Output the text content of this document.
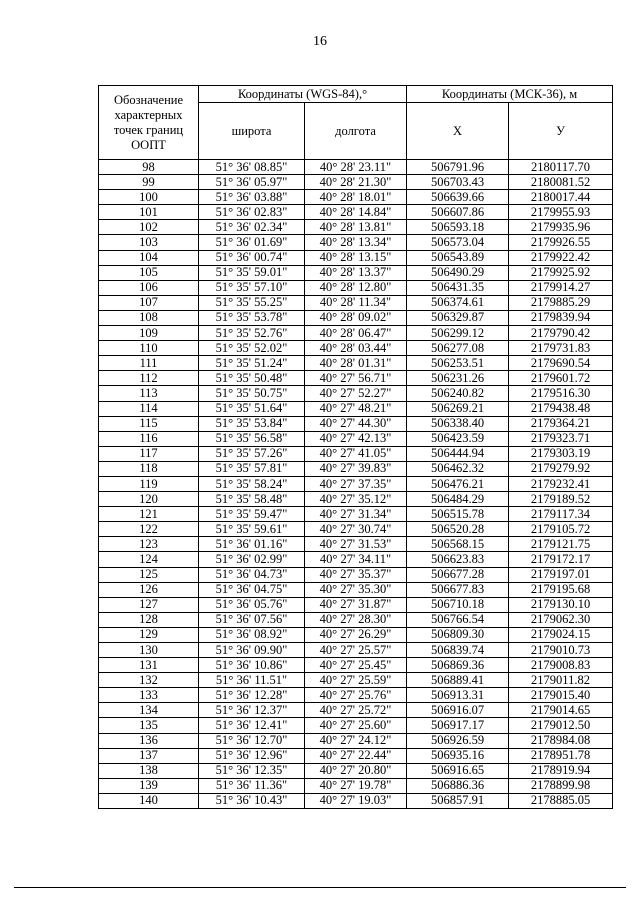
16
Обозначение характерных точек границ ООПТ	Координаты (WGS-84),°		Координаты (МСК-36), м	
	широта	долгота	X	У
98	51° 36' 08.85"	40° 28' 23.11"	506791.96	2180117.70
99	51° 36' 05.97"	40° 28' 21.30"	506703.43	2180081.52
100	51° 36' 03.88"	40° 28' 18.01"	506639.66	2180017.44
101	51° 36' 02.83"	40° 28' 14.84"	506607.86	2179955.93
102	51° 36' 02.34"	40° 28' 13.81"	506593.18	2179935.96
103	51° 36' 01.69"	40° 28' 13.34"	506573.04	2179926.55
104	51° 36' 00.74"	40° 28' 13.15"	506543.89	2179922.42
105	51° 35' 59.01"	40° 28' 13.37"	506490.29	2179925.92
106	51° 35' 57.10"	40° 28' 12.80"	506431.35	2179914.27
107	51° 35' 55.25"	40° 28' 11.34"	506374.61	2179885.29
108	51° 35' 53.78"	40° 28' 09.02"	506329.87	2179839.94
109	51° 35' 52.76"	40° 28' 06.47"	506299.12	2179790.42
110	51° 35' 52.02"	40° 28' 03.44"	506277.08	2179731.83
111	51° 35' 51.24"	40° 28' 01.31"	506253.51	2179690.54
112	51° 35' 50.48"	40° 27' 56.71"	506231.26	2179601.72
113	51° 35' 50.75"	40° 27' 52.27"	506240.82	2179516.30
114	51° 35' 51.64"	40° 27' 48.21"	506269.21	2179438.48
115	51° 35' 53.84"	40° 27' 44.30"	506338.40	2179364.21
116	51° 35' 56.58"	40° 27' 42.13"	506423.59	2179323.71
117	51° 35' 57.26"	40° 27' 41.05"	506444.94	2179303.19
118	51° 35' 57.81"	40° 27' 39.83"	506462.32	2179279.92
119	51° 35' 58.24"	40° 27' 37.35"	506476.21	2179232.41
120	51° 35' 58.48"	40° 27' 35.12"	506484.29	2179189.52
121	51° 35' 59.47"	40° 27' 31.34"	506515.78	2179117.34
122	51° 35' 59.61"	40° 27' 30.74"	506520.28	2179105.72
123	51° 36' 01.16"	40° 27' 31.53"	506568.15	2179121.75
124	51° 36' 02.99"	40° 27' 34.11"	506623.83	2179172.17
125	51° 36' 04.73"	40° 27' 35.37"	506677.28	2179197.01
126	51° 36' 04.75"	40° 27' 35.30"	506677.83	2179195.68
127	51° 36' 05.76"	40° 27' 31.87"	506710.18	2179130.10
128	51° 36' 07.56"	40° 27' 28.30"	506766.54	2179062.30
129	51° 36' 08.92"	40° 27' 26.29"	506809.30	2179024.15
130	51° 36' 09.90"	40° 27' 25.57"	506839.74	2179010.73
131	51° 36' 10.86"	40° 27' 25.45"	506869.36	2179008.83
132	51° 36' 11.51"	40° 27' 25.59"	506889.41	2179011.82
133	51° 36' 12.28"	40° 27' 25.76"	506913.31	2179015.40
134	51° 36' 12.37"	40° 27' 25.72"	506916.07	2179014.65
135	51° 36' 12.41"	40° 27' 25.60"	506917.17	2179012.50
136	51° 36' 12.70"	40° 27' 24.12"	506926.59	2178984.08
137	51° 36' 12.96"	40° 27' 22.44"	506935.16	2178951.78
138	51° 36' 12.35"	40° 27' 20.80"	506916.65	2178919.94
139	51° 36' 11.36"	40° 27' 19.78"	506886.36	2178899.98
140	51° 36' 10.43"	40° 27' 19.03"	506857.91	2178885.05
